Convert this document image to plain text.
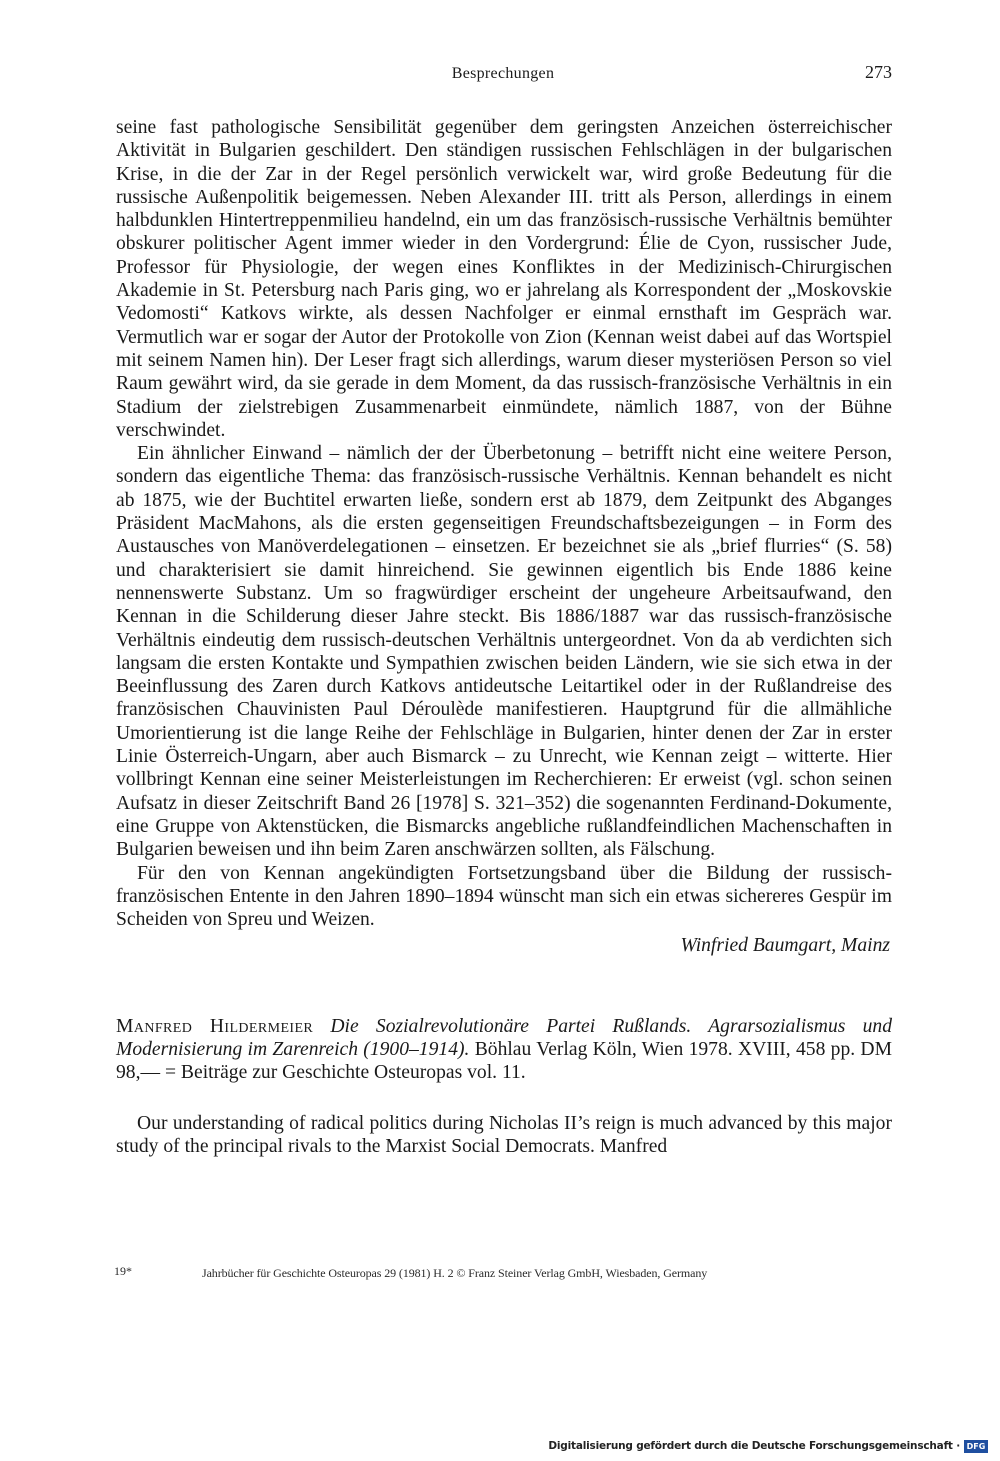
Besprechungen	273

seine fast pathologische Sensibilität gegenüber dem geringsten Anzeichen österreichischer Aktivität in Bulgarien geschildert. Den ständigen russischen Fehlschlägen in der bulgarischen Krise, in die der Zar in der Regel persönlich verwickelt war, wird große Bedeutung für die russische Außenpolitik beigemessen. Neben Alexander III. tritt als Person, allerdings in einem halbdunklen Hintertreppenmilieu handelnd, ein um das französisch-russische Verhältnis bemühter obskurer politischer Agent immer wieder in den Vordergrund: Élie de Cyon, russischer Jude, Professor für Physiologie, der wegen eines Konfliktes in der Medizinisch-Chirurgischen Akademie in St. Petersburg nach Paris ging, wo er jahrelang als Korrespondent der „Moskovskie Vedomosti“ Katkovs wirkte, als dessen Nachfolger er einmal ernsthaft im Gespräch war. Vermutlich war er sogar der Autor der Protokolle von Zion (Kennan weist dabei auf das Wortspiel mit seinem Namen hin). Der Leser fragt sich allerdings, warum dieser mysteriösen Person so viel Raum gewährt wird, da sie gerade in dem Moment, da das russisch-französische Verhältnis in ein Stadium der zielstrebigen Zusammenarbeit einmündete, nämlich 1887, von der Bühne verschwindet.

Ein ähnlicher Einwand – nämlich der der Überbetonung – betrifft nicht eine weitere Person, sondern das eigentliche Thema: das französisch-russische Verhältnis. Kennan behandelt es nicht ab 1875, wie der Buchtitel erwarten ließe, sondern erst ab 1879, dem Zeitpunkt des Abganges Präsident MacMahons, als die ersten gegenseitigen Freundschaftsbezeigungen – in Form des Austausches von Manöverdelegationen – einsetzen. Er bezeichnet sie als „brief flurries“ (S. 58) und charakterisiert sie damit hinreichend. Sie gewinnen eigentlich bis Ende 1886 keine nennenswerte Substanz. Um so fragwürdiger erscheint der ungeheure Arbeitsaufwand, den Kennan in die Schilderung dieser Jahre steckt. Bis 1886/1887 war das russisch-französische Verhältnis eindeutig dem russisch-deutschen Verhältnis untergeordnet. Von da ab verdichten sich langsam die ersten Kontakte und Sympathien zwischen beiden Ländern, wie sie sich etwa in der Beeinflussung des Zaren durch Katkovs antideutsche Leitartikel oder in der Rußlandreise des französischen Chauvinisten Paul Déroulède manifestieren. Hauptgrund für die allmähliche Umorientierung ist die lange Reihe der Fehlschläge in Bulgarien, hinter denen der Zar in erster Linie Österreich-Ungarn, aber auch Bismarck – zu Unrecht, wie Kennan zeigt – witterte. Hier vollbringt Kennan eine seiner Meisterleistungen im Recherchieren: Er erweist (vgl. schon seinen Aufsatz in dieser Zeitschrift Band 26 [1978] S. 321–352) die sogenannten Ferdinand-Dokumente, eine Gruppe von Aktenstücken, die Bismarcks angebliche rußlandfeindlichen Machenschaften in Bulgarien beweisen und ihn beim Zaren anschwärzen sollten, als Fälschung.

Für den von Kennan angekündigten Fortsetzungsband über die Bildung der russisch-französischen Entente in den Jahren 1890–1894 wünscht man sich ein etwas sichereres Gespür im Scheiden von Spreu und Weizen.

Winfried Baumgart, Mainz

Manfred Hildermeier Die Sozialrevolutionäre Partei Rußlands. Agrarsozialismus und Modernisierung im Zarenreich (1900–1914). Böhlau Verlag Köln, Wien 1978. XVIII, 458 pp. DM 98,— = Beiträge zur Geschichte Osteuropas vol. 11.

Our understanding of radical politics during Nicholas II’s reign is much advanced by this major study of the principal rivals to the Marxist Social Democrats. Manfred

19*	Jahrbücher für Geschichte Osteuropas 29 (1981) H. 2 © Franz Steiner Verlag GmbH, Wiesbaden, Germany
Digitalisierung gefördert durch die Deutsche Forschungsgemeinschaft · DFG
